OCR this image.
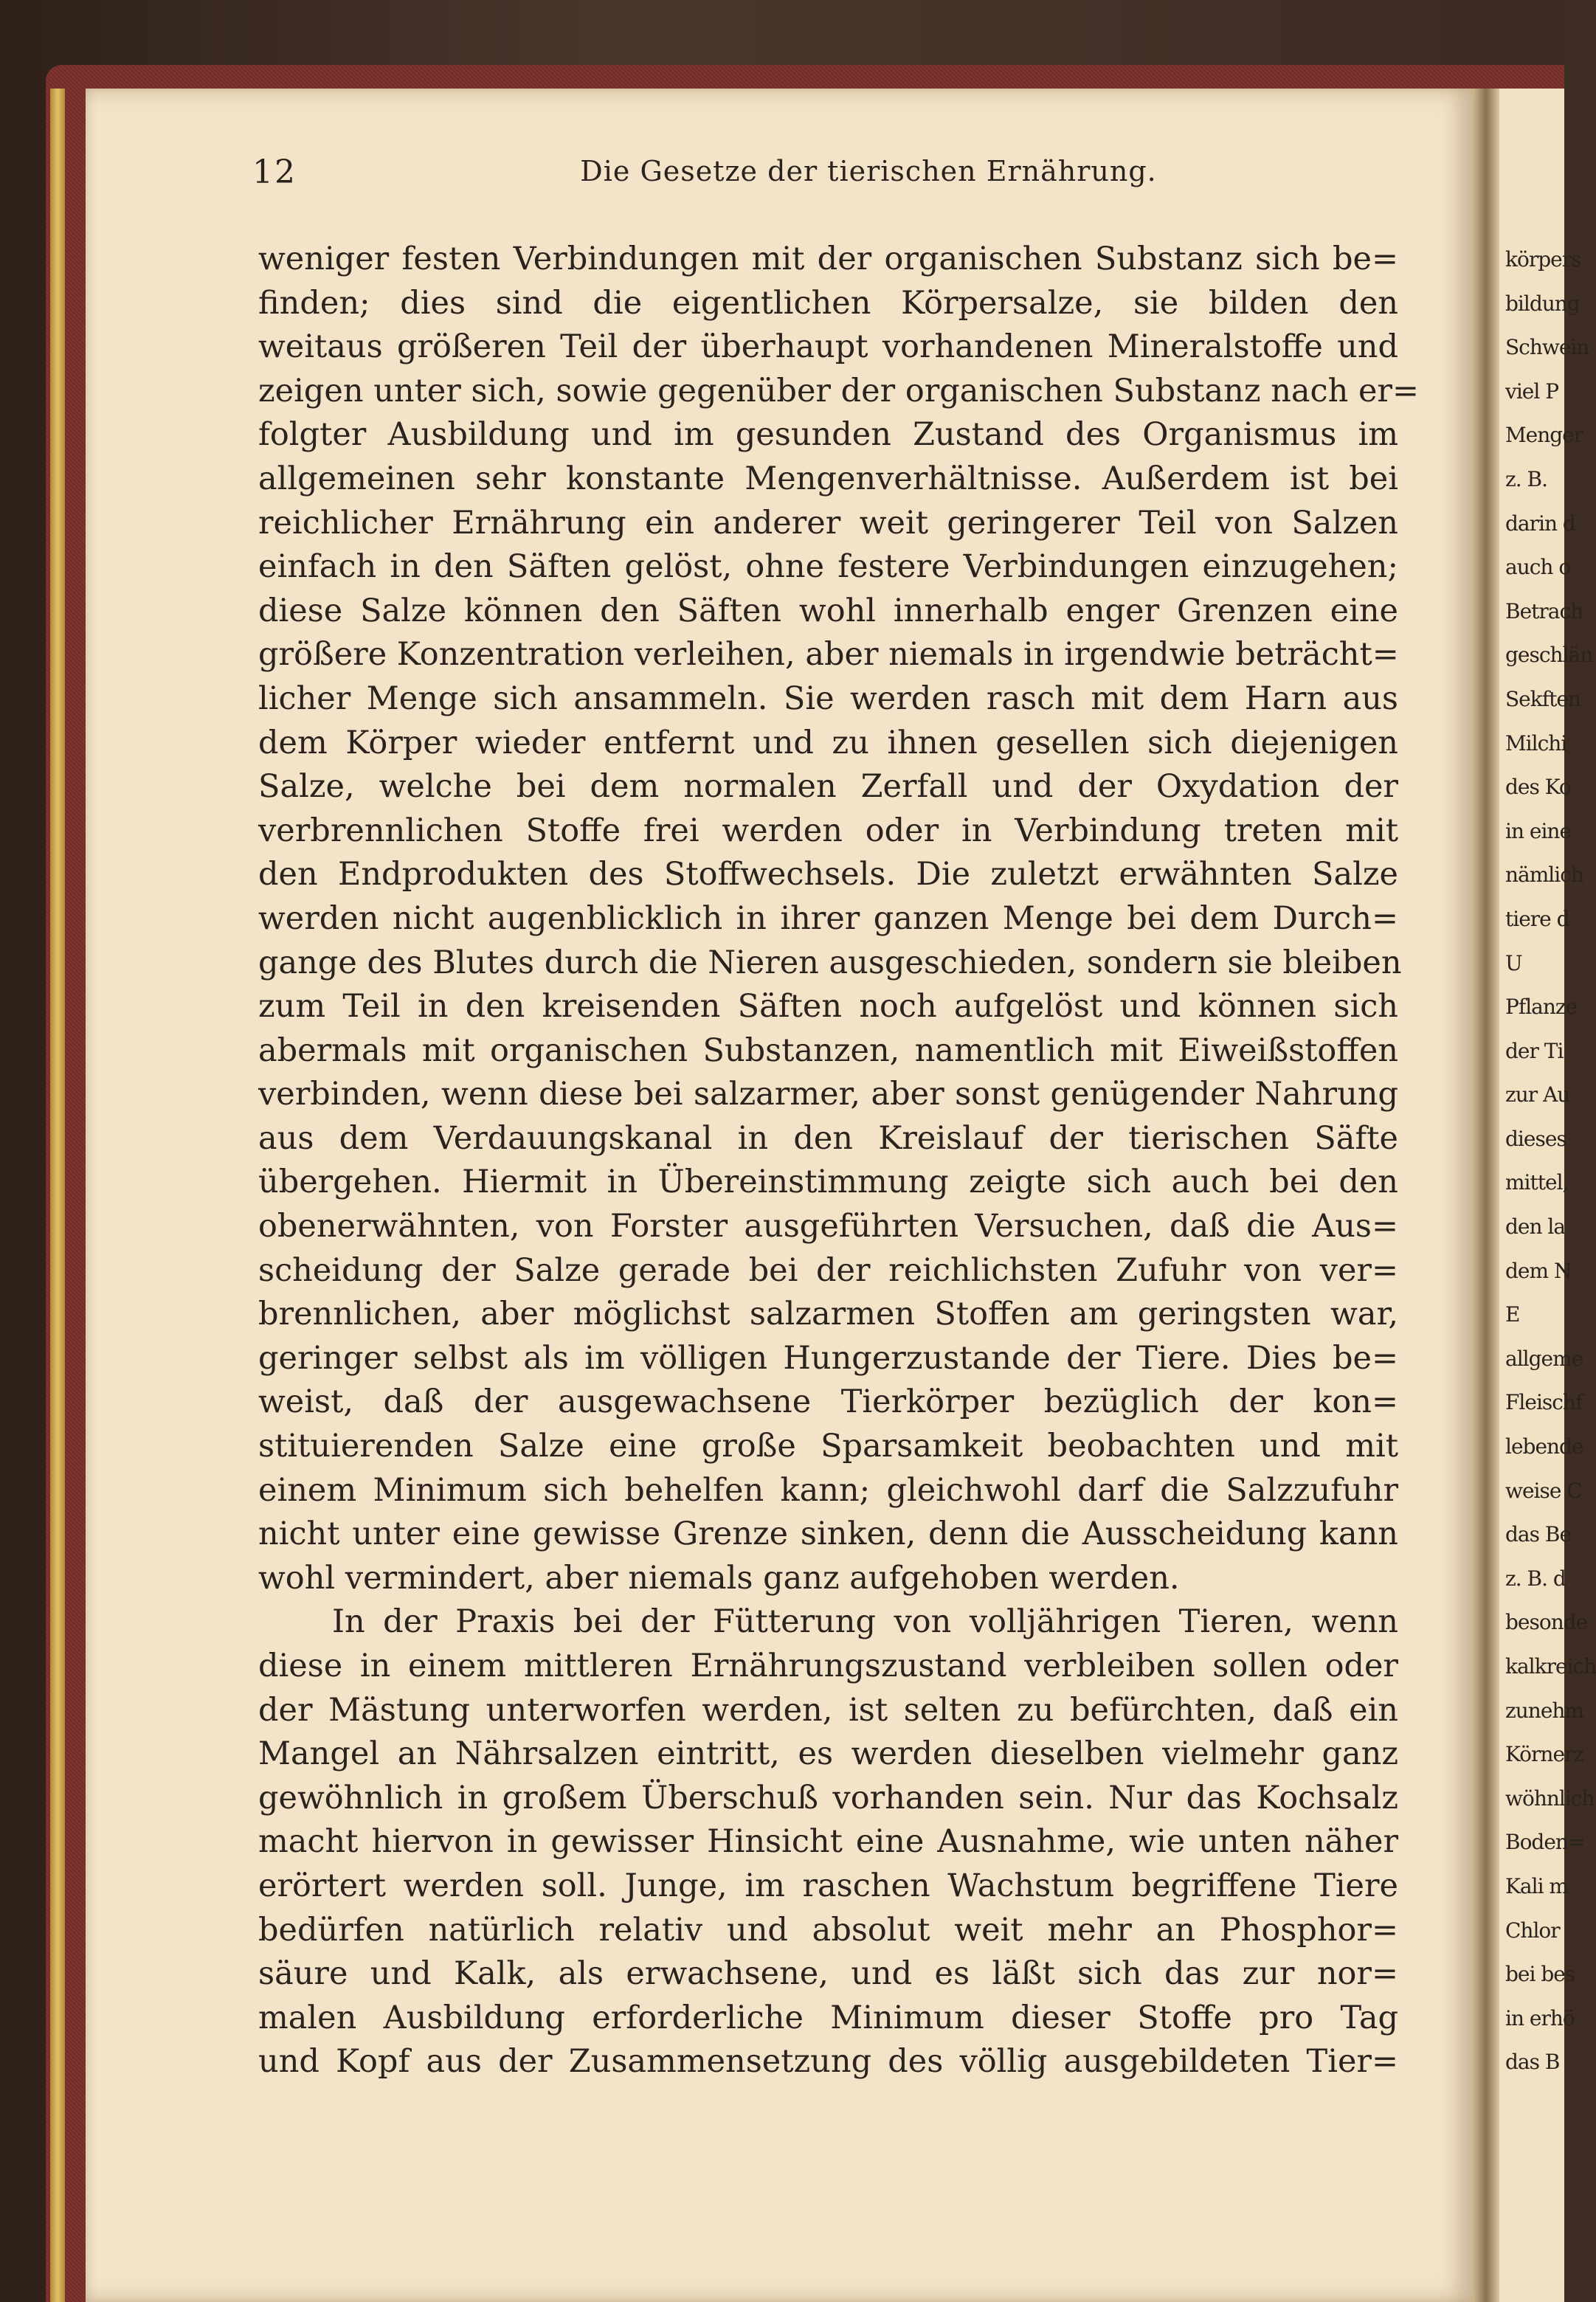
12	Die Gesetze der tierischen Ernährung.
weniger festen Verbindungen mit der organischen Substanz sich be=
finden; dies sind die eigentlichen Körpersalze, sie bilden den
weitaus größeren Teil der überhaupt vorhandenen Mineralstoffe und
zeigen unter sich, sowie gegenüber der organischen Substanz nach er=
folgter Ausbildung und im gesunden Zustand des Organismus im
allgemeinen sehr konstante Mengenverhältnisse. Außerdem ist bei
reichlicher Ernährung ein anderer weit geringerer Teil von Salzen
einfach in den Säften gelöst, ohne festere Verbindungen einzugehen;
diese Salze können den Säften wohl innerhalb enger Grenzen eine
größere Konzentration verleihen, aber niemals in irgendwie beträcht=
licher Menge sich ansammeln. Sie werden rasch mit dem Harn aus
dem Körper wieder entfernt und zu ihnen gesellen sich diejenigen
Salze, welche bei dem normalen Zerfall und der Oxydation der
verbrennlichen Stoffe frei werden oder in Verbindung treten mit
den Endprodukten des Stoffwechsels. Die zuletzt erwähnten Salze
werden nicht augenblicklich in ihrer ganzen Menge bei dem Durch=
gange des Blutes durch die Nieren ausgeschieden, sondern sie bleiben
zum Teil in den kreisenden Säften noch aufgelöst und können sich
abermals mit organischen Substanzen, namentlich mit Eiweißstoffen
verbinden, wenn diese bei salzarmer, aber sonst genügender Nahrung
aus dem Verdauungskanal in den Kreislauf der tierischen Säfte
übergehen. Hiermit in Übereinstimmung zeigte sich auch bei den
obenerwähnten, von Forster ausgeführten Versuchen, daß die Aus=
scheidung der Salze gerade bei der reichlichsten Zufuhr von ver=
brennlichen, aber möglichst salzarmen Stoffen am geringsten war,
geringer selbst als im völligen Hungerzustande der Tiere. Dies be=
weist, daß der ausgewachsene Tierkörper bezüglich der kon=
stituierenden Salze eine große Sparsamkeit beobachten und mit
einem Minimum sich behelfen kann; gleichwohl darf die Salzzufuhr
nicht unter eine gewisse Grenze sinken, denn die Ausscheidung kann
wohl vermindert, aber niemals ganz aufgehoben werden.
In der Praxis bei der Fütterung von volljährigen Tieren, wenn
diese in einem mittleren Ernährungszustand verbleiben sollen oder
der Mästung unterworfen werden, ist selten zu befürchten, daß ein
Mangel an Nährsalzen eintritt, es werden dieselben vielmehr ganz
gewöhnlich in großem Überschuß vorhanden sein. Nur das Kochsalz
macht hiervon in gewisser Hinsicht eine Ausnahme, wie unten näher
erörtert werden soll. Junge, im raschen Wachstum begriffene Tiere
bedürfen natürlich relativ und absolut weit mehr an Phosphor=
säure und Kalk, als erwachsene, und es läßt sich das zur nor=
malen Ausbildung erforderliche Minimum dieser Stoffe pro Tag
und Kopf aus der Zusammensetzung des völlig ausgebildeten Tier=
körpers
bildung
Schwein
viel P
Menger
z. B.
darin d
auch o
Betrach
geschlän
Sekften
Milchi
des Ko
in eine
nämlich
tiere d
U
Pflanze
der Ti
zur Au
dieses
mittel,
den la
dem N
E
allgeme
Fleischf
lebende
weise C
das Be
z. B. d
besonde
kalkreich
zunehm
Körnerz
wöhnlich
Boden=
Kali m
Chlor
bei bes
in erhö
das B
